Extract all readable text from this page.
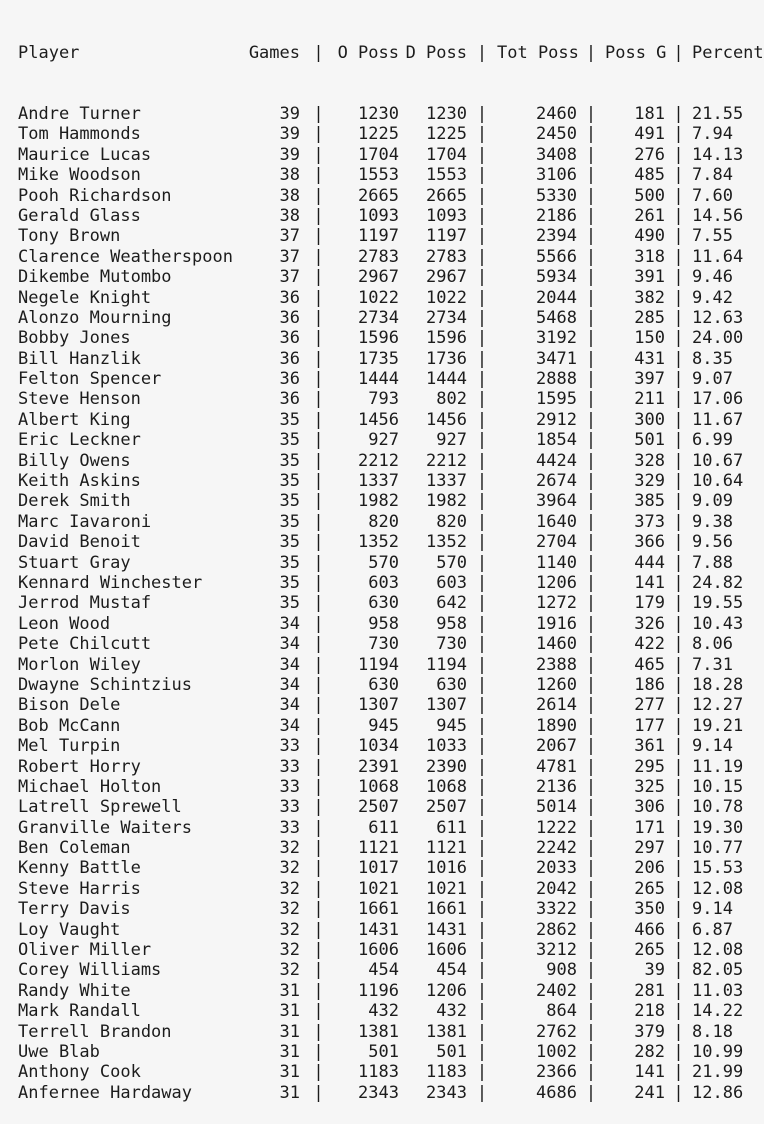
Player	Games | O Poss D Poss | Tot Poss | Poss G | Percent

Andre Turner	39 |	1230	1230 |	2460 |	181 | 21.55
Tom Hammonds	39 |	1225	1225 |	2450 |	491 | 7.94
Maurice Lucas	39 |	1704	1704 |	3408 |	276 | 14.13
Mike Woodson	38 |	1553	1553 |	3106 |	485 | 7.84
Pooh Richardson	38 |	2665	2665 |	5330 |	500 | 7.60
Gerald Glass	38 |	1093	1093 |	2186 |	261 | 14.56
Tony Brown	37 |	1197	1197 |	2394 |	490 | 7.55
Clarence Weatherspoon	37 |	2783	2783 |	5566 |	318 | 11.64
Dikembe Mutombo	37 |	2967	2967 |	5934 |	391 | 9.46
Negele Knight	36 |	1022	1022 |	2044 |	382 | 9.42
Alonzo Mourning	36 |	2734	2734 |	5468 |	285 | 12.63
Bobby Jones	36 |	1596	1596 |	3192 |	150 | 24.00
Bill Hanzlik	36 |	1735	1736 |	3471 |	431 | 8.35
Felton Spencer	36 |	1444	1444 |	2888 |	397 | 9.07
Steve Henson	36 |	793	802 |	1595 |	211 | 17.06
Albert King	35 |	1456	1456 |	2912 |	300 | 11.67
Eric Leckner	35 |	927	927 |	1854 |	501 | 6.99
Billy Owens	35 |	2212	2212 |	4424 |	328 | 10.67
Keith Askins	35 |	1337	1337 |	2674 |	329 | 10.64
Derek Smith	35 |	1982	1982 |	3964 |	385 | 9.09
Marc Iavaroni	35 |	820	820 |	1640 |	373 | 9.38
David Benoit	35 |	1352	1352 |	2704 |	366 | 9.56
Stuart Gray	35 |	570	570 |	1140 |	444 | 7.88
Kennard Winchester	35 |	603	603 |	1206 |	141 | 24.82
Jerrod Mustaf	35 |	630	642 |	1272 |	179 | 19.55
Leon Wood	34 |	958	958 |	1916 |	326 | 10.43
Pete Chilcutt	34 |	730	730 |	1460 |	422 | 8.06
Morlon Wiley	34 |	1194	1194 |	2388 |	465 | 7.31
Dwayne Schintzius	34 |	630	630 |	1260 |	186 | 18.28
Bison Dele	34 |	1307	1307 |	2614 |	277 | 12.27
Bob McCann	34 |	945	945 |	1890 |	177 | 19.21
Mel Turpin	33 |	1034	1033 |	2067 |	361 | 9.14
Robert Horry	33 |	2391	2390 |	4781 |	295 | 11.19
Michael Holton	33 |	1068	1068 |	2136 |	325 | 10.15
Latrell Sprewell	33 |	2507	2507 |	5014 |	306 | 10.78
Granville Waiters	33 |	611	611 |	1222 |	171 | 19.30
Ben Coleman	32 |	1121	1121 |	2242 |	297 | 10.77
Kenny Battle	32 |	1017	1016 |	2033 |	206 | 15.53
Steve Harris	32 |	1021	1021 |	2042 |	265 | 12.08
Terry Davis	32 |	1661	1661 |	3322 |	350 | 9.14
Loy Vaught	32 |	1431	1431 |	2862 |	466 | 6.87
Oliver Miller	32 |	1606	1606 |	3212 |	265 | 12.08
Corey Williams	32 |	454	454 |	908 |	39 | 82.05
Randy White	31 |	1196	1206 |	2402 |	281 | 11.03
Mark Randall	31 |	432	432 |	864 |	218 | 14.22
Terrell Brandon	31 |	1381	1381 |	2762 |	379 | 8.18
Uwe Blab	31 |	501	501 |	1002 |	282 | 10.99
Anthony Cook	31 |	1183	1183 |	2366 |	141 | 21.99
Anfernee Hardaway	31 |	2343	2343 |	4686 |	241 | 12.86
